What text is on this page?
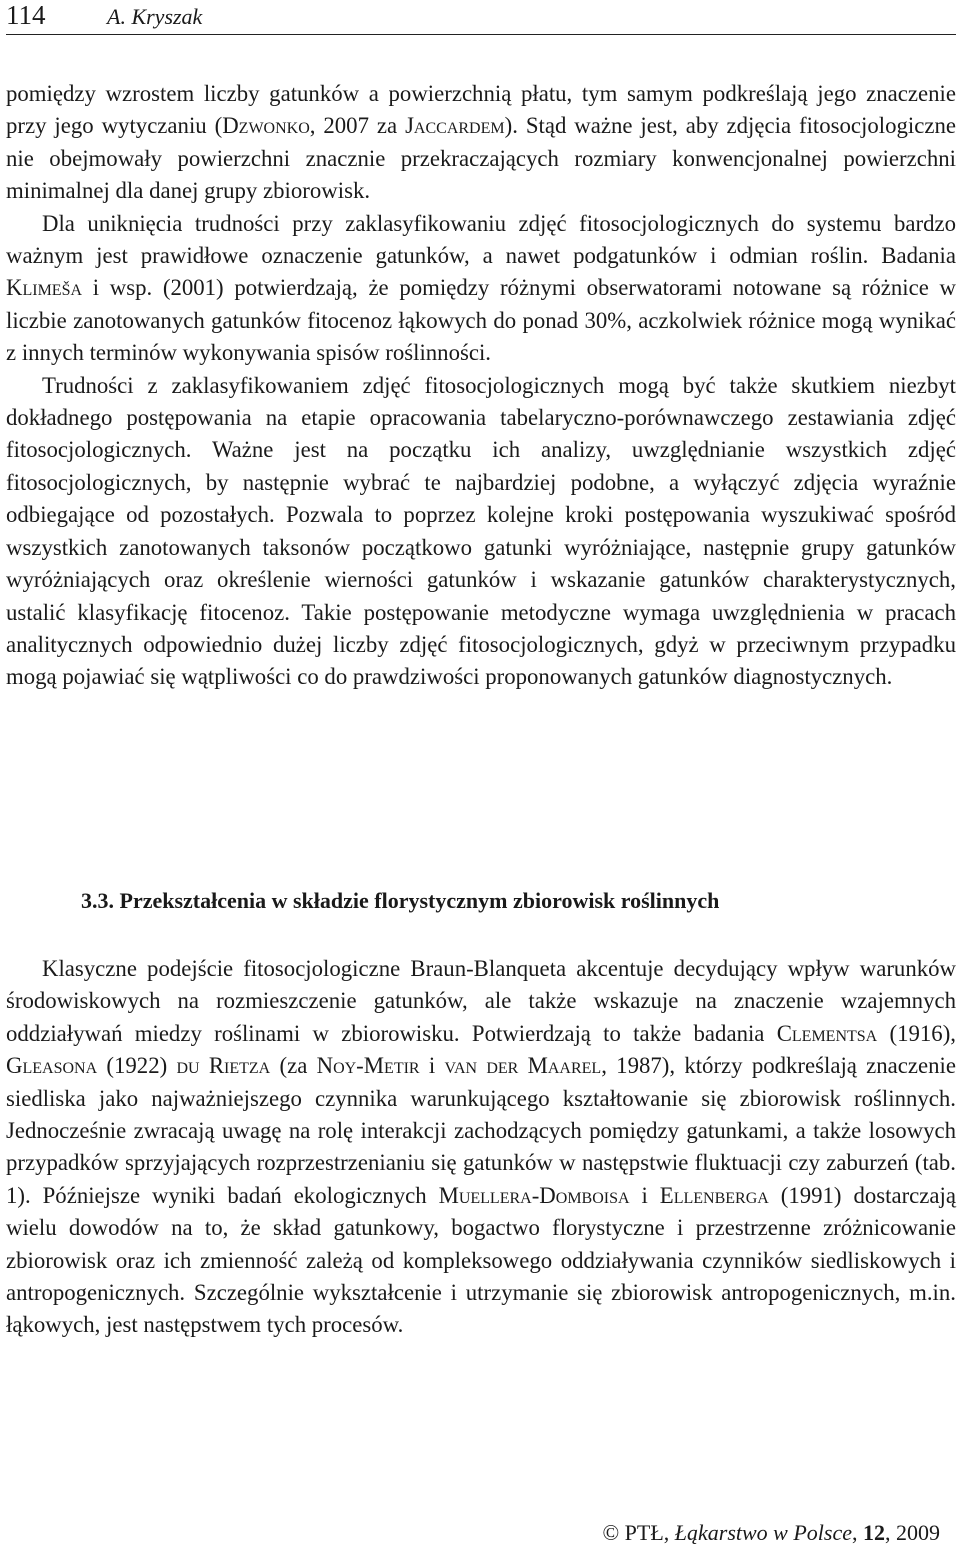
114	A. Kryszak

pomiędzy wzrostem liczby gatunków a powierzchnią płatu, tym samym podkreślają jego znaczenie przy jego wytyczaniu (Dzwonko, 2007 za Jaccardem). Stąd ważne jest, aby zdjęcia fitosocjologiczne nie obejmowały powierzchni znacznie przekraczających rozmiary konwencjonalnej powierzchni minimalnej dla danej grupy zbiorowisk.

Dla uniknięcia trudności przy zaklasyfikowaniu zdjęć fitosocjologicznych do systemu bardzo ważnym jest prawidłowe oznaczenie gatunków, a nawet podgatunków i odmian roślin. Badania Klimeša i wsp. (2001) potwierdzają, że pomiędzy różnymi obserwatorami notowane są różnice w liczbie zanotowanych gatunków fitocenoz łąkowych do ponad 30%, aczkolwiek różnice mogą wynikać z innych terminów wykonywania spisów roślinności.

Trudności z zaklasyfikowaniem zdjęć fitosocjologicznych mogą być także skutkiem niezbyt dokładnego postępowania na etapie opracowania tabelaryczno-porównawczego zestawiania zdjęć fitosocjologicznych. Ważne jest na początku ich analizy, uwzględnianie wszystkich zdjęć fitosocjologicznych, by następnie wybrać te najbardziej podobne, a wyłączyć zdjęcia wyraźnie odbiegające od pozostałych. Pozwala to poprzez kolejne kroki postępowania wyszukiwać spośród wszystkich zanotowanych taksonów początkowo gatunki wyróżniające, następnie grupy gatunków wyróżniających oraz określenie wierności gatunków i wskazanie gatunków charakterystycznych, ustalić klasyfikację fitocenoz. Takie postępowanie metodyczne wymaga uwzględnienia w pracach analitycznych odpowiednio dużej liczby zdjęć fitosocjologicznych, gdyż w przeciwnym przypadku mogą pojawiać się wątpliwości co do prawdziwości proponowanych gatunków diagnostycznych.

3.3. Przekształcenia w składzie florystycznym zbiorowisk roślinnych

Klasyczne podejście fitosocjologiczne Braun-Blanqueta akcentuje decydujący wpływ warunków środowiskowych na rozmieszczenie gatunków, ale także wskazuje na znaczenie wzajemnych oddziaływań miedzy roślinami w zbiorowisku. Potwierdzają to także badania Clementsa (1916), Gleasona (1922) du Rietza (za Noy-Metir i van der Maarel, 1987), którzy podkreślają znaczenie siedliska jako najważniejszego czynnika warunkującego kształtowanie się zbiorowisk roślinnych. Jednocześnie zwracają uwagę na rolę interakcji zachodzących pomiędzy gatunkami, a także losowych przypadków sprzyjających rozprzestrzenianiu się gatunków w następstwie fluktuacji czy zaburzeń (tab. 1). Późniejsze wyniki badań ekologicznych Muellera-Domboisa i Ellenberga (1991) dostarczają wielu dowodów na to, że skład gatunkowy, bogactwo florystyczne i przestrzenne zróżnicowanie zbiorowisk oraz ich zmienność zależą od kompleksowego oddziaływania czynników siedliskowych i antropogenicznych. Szczególnie wykształcenie i utrzymanie się zbiorowisk antropogenicznych, m.in. łąkowych, jest następstwem tych procesów.

© PTŁ, Łąkarstwo w Polsce, 12, 2009
